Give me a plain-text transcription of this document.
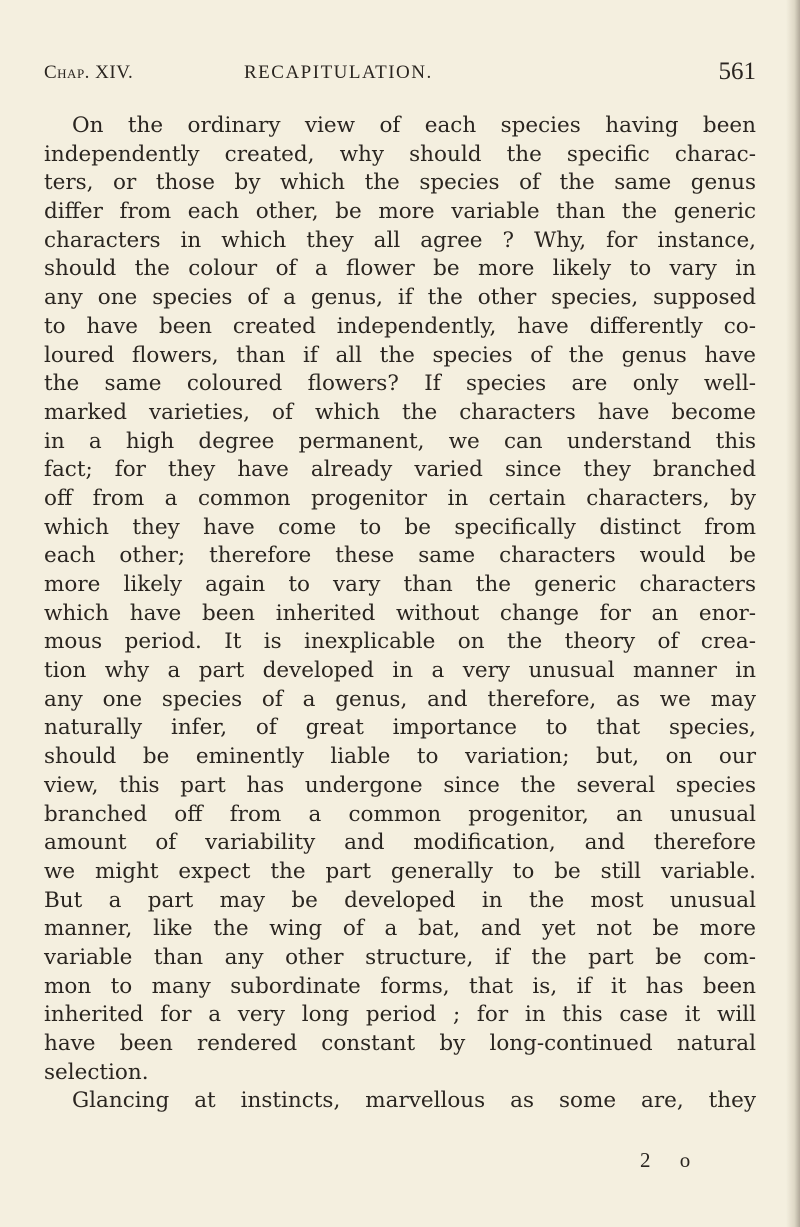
Chap. XIV.	RECAPITULATION.	561
On the ordinary view of each species having been
independently created, why should the specific charac-
ters, or those by which the species of the same genus
differ from each other, be more variable than the generic
characters in which they all agree ? Why, for instance,
should the colour of a flower be more likely to vary in
any one species of a genus, if the other species, supposed
to have been created independently, have differently co-
loured flowers, than if all the species of the genus have
the same coloured flowers? If species are only well-
marked varieties, of which the characters have become
in a high degree permanent, we can understand this
fact; for they have already varied since they branched
off from a common progenitor in certain characters, by
which they have come to be specifically distinct from
each other; therefore these same characters would be
more likely again to vary than the generic characters
which have been inherited without change for an enor-
mous period. It is inexplicable on the theory of crea-
tion why a part developed in a very unusual manner in
any one species of a genus, and therefore, as we may
naturally infer, of great importance to that species,
should be eminently liable to variation; but, on our
view, this part has undergone since the several species
branched off from a common progenitor, an unusual
amount of variability and modification, and therefore
we might expect the part generally to be still variable.
But a part may be developed in the most unusual
manner, like the wing of a bat, and yet not be more
variable than any other structure, if the part be com-
mon to many subordinate forms, that is, if it has been
inherited for a very long period ; for in this case it will
have been rendered constant by long-continued natural
selection.
Glancing at instincts, marvellous as some are, they
2 o
